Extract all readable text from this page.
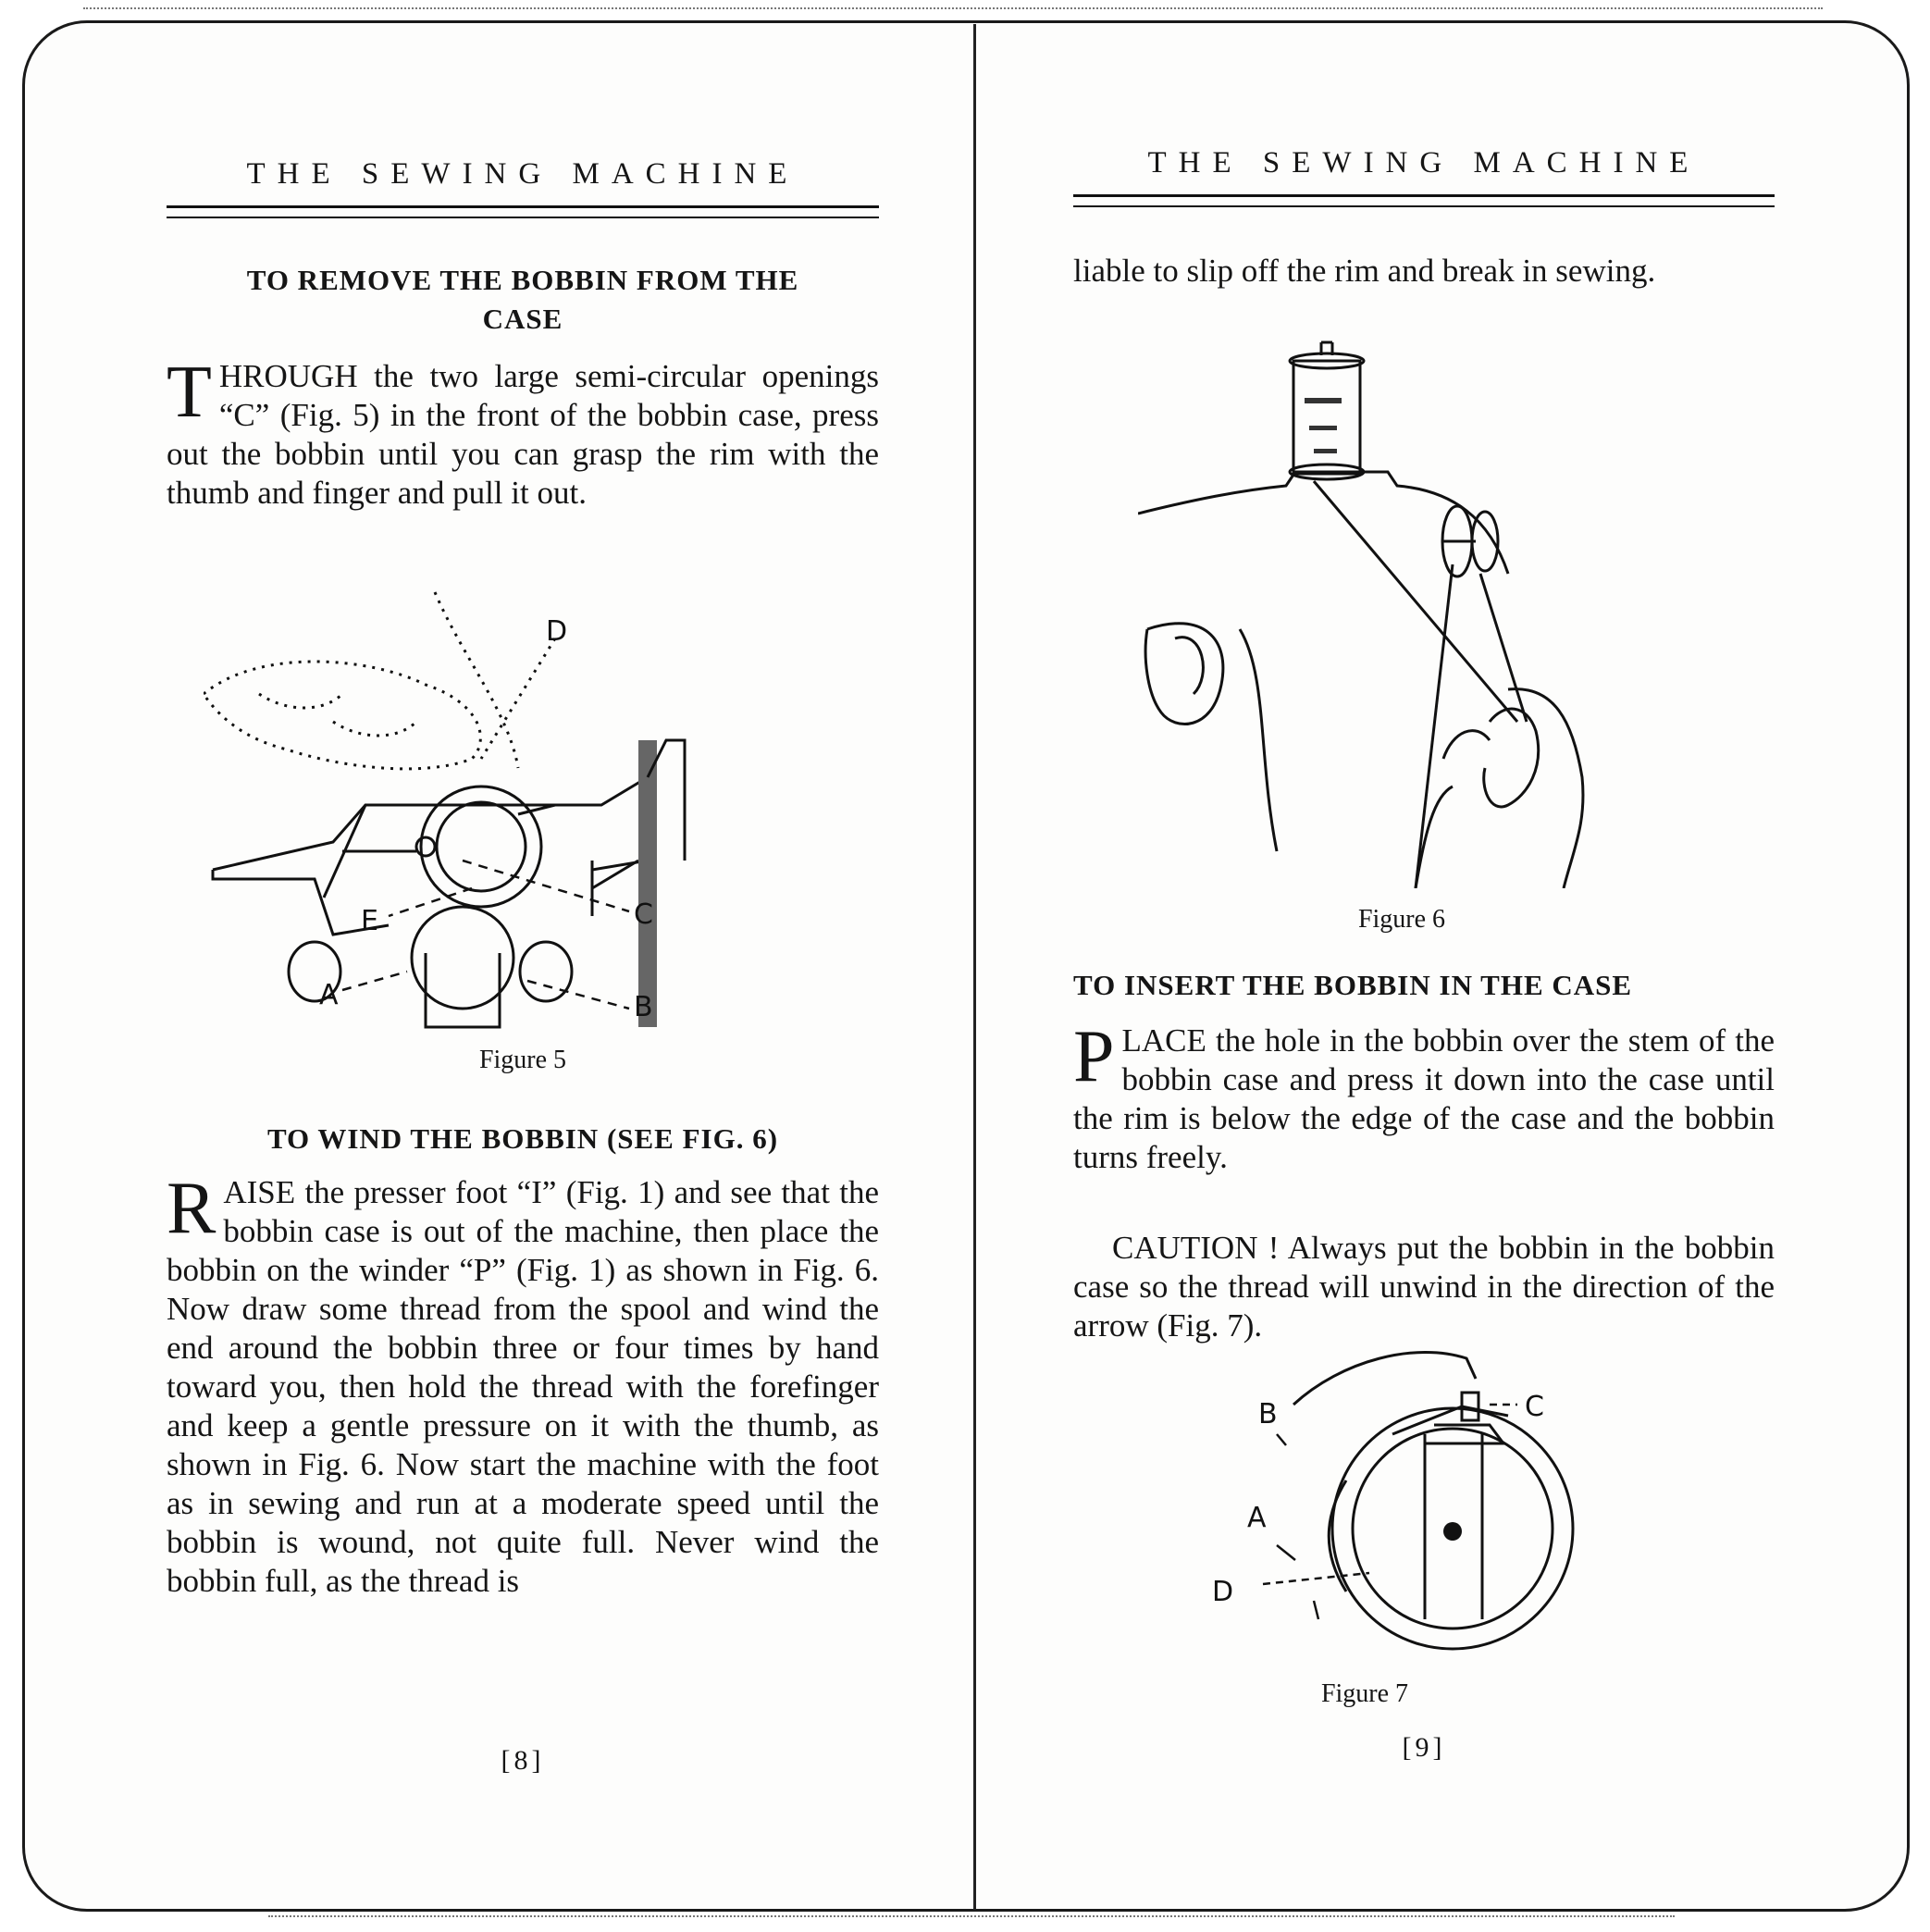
THE SEWING MACHINE
TO REMOVE THE BOBBIN FROM THE CASE
THROUGH the two large semi-circular openings “C” (Fig. 5) in the front of the bobbin case, press out the bobbin until you can grasp the rim with the thumb and finger and pull it out.
D
C
E
A	B
Figure 5
TO WIND THE BOBBIN (SEE FIG. 6)
RAISE the presser foot “I” (Fig. 1) and see that the bobbin case is out of the machine, then place the bobbin on the winder “P” (Fig. 1) as shown in Fig. 6. Now draw some thread from the spool and wind the end around the bobbin three or four times by hand toward you, then hold the thread with the forefinger and keep a gentle pressure on it with the thumb, as shown in Fig. 6. Now start the machine with the foot as in sewing and run at a moderate speed until the bobbin is wound, not quite full. Never wind the bobbin full, as the thread is
[8]
THE SEWING MACHINE
liable to slip off the rim and break in sewing.
Figure 6
TO INSERT THE BOBBIN IN THE CASE
PLACE the hole in the bobbin over the stem of the bobbin case and press it down into the case until the rim is below the edge of the case and the bobbin turns freely.
CAUTION ! Always put the bobbin in the bobbin case so the thread will unwind in the direction of the arrow (Fig. 7).
B	C
A
D
Figure 7
[9]
